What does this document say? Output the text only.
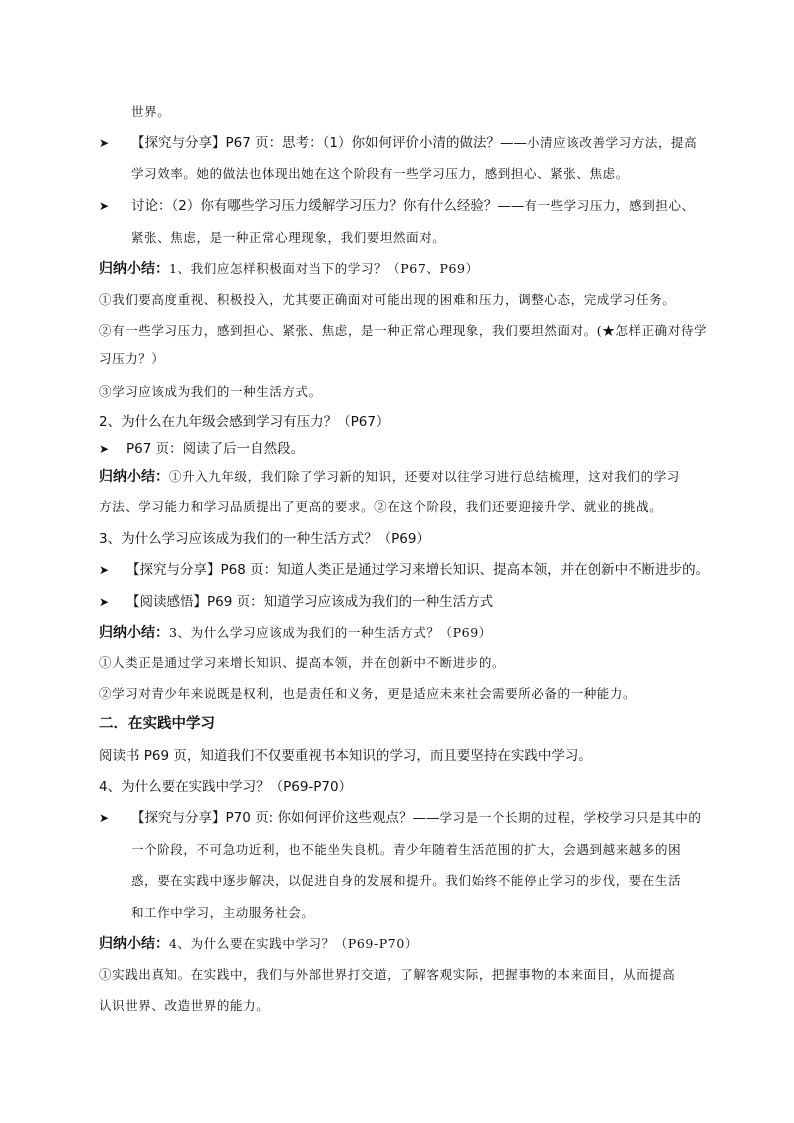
世界。
➤ 【探究与分享】P67 页：思考：（1）你如何评价小清的做法？——小清应该改善学习方法，提高
学习效率。她的做法也体现出她在这个阶段有一些学习压力，感到担心、紧张、焦虑。
➤ 讨论：（2）你有哪些学习压力缓解学习压力？你有什么经验？——有一些学习压力，感到担心、
紧张、焦虑，是一种正常心理现象，我们要坦然面对。
归纳小结：1、我们应怎样积极面对当下的学习？（P67、P69）
①我们要高度重视、积极投入，尤其要正确面对可能出现的困难和压力，调整心态，完成学习任务。
②有一些学习压力，感到担心、紧张、焦虑，是一种正常心理现象，我们要坦然面对。(★怎样正确对待学
习压力？）
③学习应该成为我们的一种生活方式。
2、为什么在九年级会感到学习有压力？（P67）
➤ P67 页：阅读了后一自然段。
归纳小结：①升入九年级，我们除了学习新的知识，还要对以往学习进行总结梳理，这对我们的学习
方法、学习能力和学习品质提出了更高的要求。②在这个阶段，我们还要迎接升学、就业的挑战。
3、为什么学习应该成为我们的一种生活方式？（P69）
➤ 【探究与分享】P68 页：知道人类正是通过学习来增长知识、提高本领，并在创新中不断进步的。
➤ 【阅读感悟】P69 页：知道学习应该成为我们的一种生活方式
归纳小结：3、为什么学习应该成为我们的一种生活方式？（P69）
①人类正是通过学习来增长知识、提高本领，并在创新中不断进步的。
②学习对青少年来说既是权利，也是责任和义务，更是适应未来社会需要所必备的一种能力。
二．在实践中学习
阅读书 P69 页，知道我们不仅要重视书本知识的学习，而且要坚持在实践中学习。
4、为什么要在实践中学习？（P69-P70）
➤ 【探究与分享】P70 页: 你如何评价这些观点？——学习是一个长期的过程，学校学习只是其中的
一个阶段，不可急功近利，也不能坐失良机。青少年随着生活范围的扩大，会遇到越来越多的困
惑，要在实践中逐步解决，以促进自身的发展和提升。我们始终不能停止学习的步伐，要在生活
和工作中学习，主动服务社会。
归纳小结：4、为什么要在实践中学习？（P69-P70）
①实践出真知。在实践中，我们与外部世界打交道，了解客观实际，把握事物的本来面目，从而提高
认识世界、改造世界的能力。
